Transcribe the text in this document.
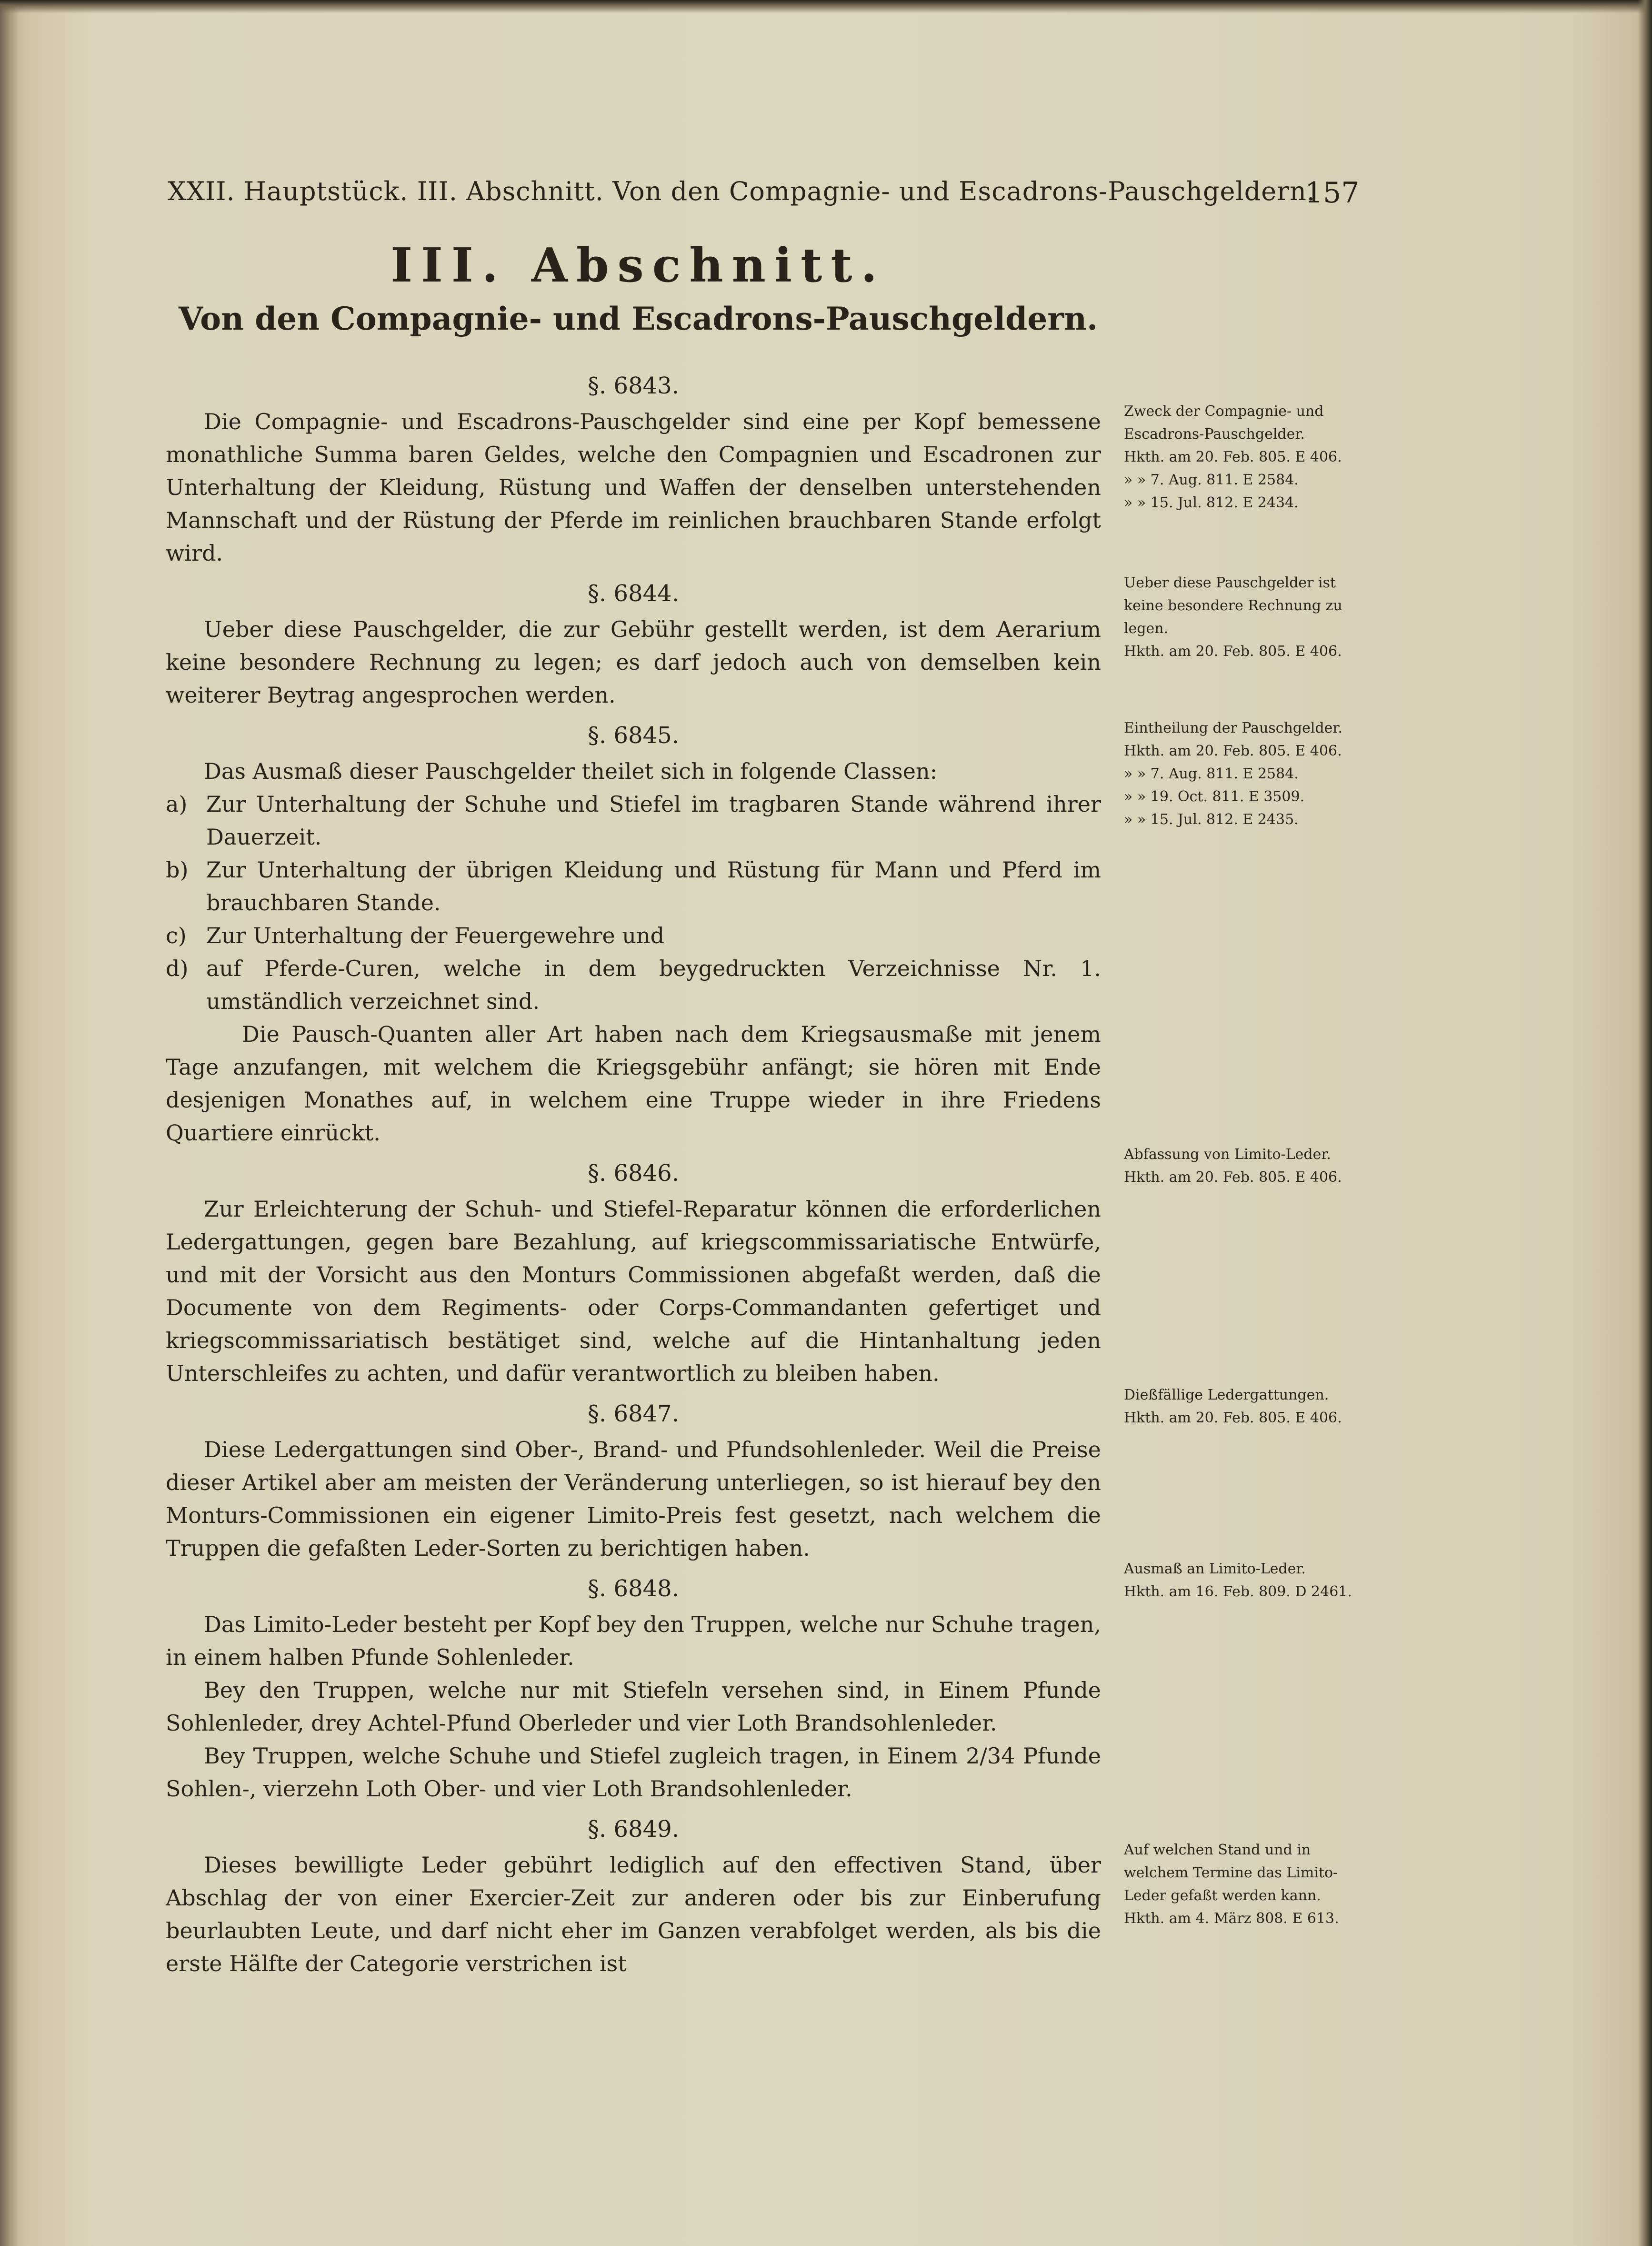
XXII. Hauptstück. III. Abschnitt. Von den Compagnie- und Escadrons-Pauschgeldern.
157
III. Abschnitt.
Von den Compagnie- und Escadrons-Pauschgeldern.
§. 6843.

Die Compagnie- und Escadrons-Pauschgelder sind eine per Kopf bemessene monathliche Summa baren Geldes, welche den Compagnien und Escadronen zur Unterhaltung der Kleidung, Rüstung und Waffen der denselben unterstehenden Mannschaft und der Rüstung der Pferde im reinlichen brauchbaren Stande erfolgt wird.

§. 6844.

Ueber diese Pauschgelder, die zur Gebühr gestellt werden, ist dem Aerarium keine besondere Rechnung zu legen; es darf jedoch auch von demselben kein weiterer Beytrag angesprochen werden.

§. 6845.

Das Ausmaß dieser Pauschgelder theilet sich in folgende Classen:

a) Zur Unterhaltung der Schuhe und Stiefel im tragbaren Stande während ihrer Dauerzeit.
b) Zur Unterhaltung der übrigen Kleidung und Rüstung für Mann und Pferd im brauchbaren Stande.
c) Zur Unterhaltung der Feuergewehre und
d) auf Pferde-Curen, welche in dem beygedruckten Verzeichnisse Nr. 1. umständlich verzeichnet sind.

Die Pausch-Quanten aller Art haben nach dem Kriegsausmaße mit jenem Tage anzufangen, mit welchem die Kriegsgebühr anfängt; sie hören mit Ende desjenigen Monathes auf, in welchem eine Truppe wieder in ihre Friedens Quartiere einrückt.

§. 6846.

Zur Erleichterung der Schuh- und Stiefel-Reparatur können die erforderlichen Ledergattungen, gegen bare Bezahlung, auf kriegscommissariatische Entwürfe, und mit der Vorsicht aus den Monturs Commissionen abgefaßt werden, daß die Documente von dem Regiments- oder Corps-Commandanten gefertiget und kriegscommissariatisch bestätiget sind, welche auf die Hintanhaltung jeden Unterschleifes zu achten, und dafür verantwortlich zu bleiben haben.

§. 6847.

Diese Ledergattungen sind Ober-, Brand- und Pfundsohlenleder. Weil die Preise dieser Artikel aber am meisten der Veränderung unterliegen, so ist hierauf bey den Monturs-Commissionen ein eigener Limito-Preis fest gesetzt, nach welchem die Truppen die gefaßten Leder-Sorten zu berichtigen haben.

§. 6848.

Das Limito-Leder besteht per Kopf bey den Truppen, welche nur Schuhe tragen, in einem halben Pfunde Sohlenleder.

Bey den Truppen, welche nur mit Stiefeln versehen sind, in Einem Pfunde Sohlenleder, drey Achtel-Pfund Oberleder und vier Loth Brandsohlenleder.

Bey Truppen, welche Schuhe und Stiefel zugleich tragen, in Einem 2/34 Pfunde Sohlen-, vierzehn Loth Ober- und vier Loth Brandsohlenleder.

§. 6849.

Dieses bewilligte Leder gebührt lediglich auf den effectiven Stand, über Abschlag der von einer Exercier-Zeit zur anderen oder bis zur Einberufung beurlaubten Leute, und darf nicht eher im Ganzen verabfolget werden, als bis die erste Hälfte der Categorie verstrichen ist

Zweck der Compagnie- und Escadrons-Pauschgelder.

Hkth. am 20. Feb. 805. E 406.

» » 7. Aug. 811. E 2584.

» » 15. Jul. 812. E 2434.

Ueber diese Pauschgelder ist keine besondere Rechnung zu legen.

Hkth. am 20. Feb. 805. E 406.

Eintheilung der Pauschgelder.

Hkth. am 20. Feb. 805. E 406.

» » 7. Aug. 811. E 2584.

» » 19. Oct. 811. E 3509.

» » 15. Jul. 812. E 2435.

Abfassung von Limito-Leder.

Hkth. am 20. Feb. 805. E 406.

Dießfällige Ledergattungen.

Hkth. am 20. Feb. 805. E 406.

Ausmaß an Limito-Leder.

Hkth. am 16. Feb. 809. D 2461.

Auf welchen Stand und in welchem Termine das Limito-Leder gefaßt werden kann.

Hkth. am 4. März 808. E 613.
